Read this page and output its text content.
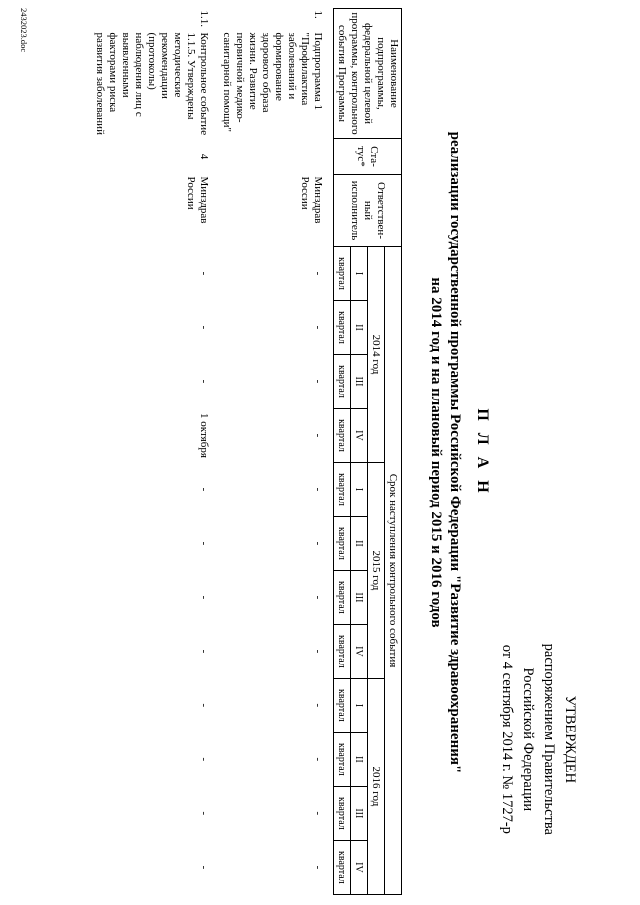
УТВЕРЖДЕН
распоряжением Правительства
Российской Федерации
от 4 сентября 2014 г. № 1727-р
П Л А Н
реализации государственной программы Российской Федерации "Развитие здравоохранения"
на 2014 год и на плановый период 2015 и 2016 годов
Наименование подпрограммы, федеральной целевой программы, контрольного события Программы		Ста-тус*	Ответствен-ный исполнитель	Срок наступления контрольного события											
				2014 год				2015 год				2016 год			
				I	II	III	IV	I	II	III	IV	I	II	III	IV
				квартал	квартал	квартал	квартал	квартал	квартал	квартал	квартал	квартал	квартал	квартал	квартал

1.	Подпрограмма 1 "Профилактика заболеваний и формирование здорового образа жизни. Развитие первичной медико-санитарной помощи"		Минздрав России	-	-	-	-	-	-	-	-	-	-	-	-

1.1.	Контрольное событие 1.1.5. Утверждены методические рекомендации (протоколы) наблюдения лиц с выявленными факторами риска развития заболеваний	4	Минздрав России	-	-	-	1 октября	-	-	-	-	-	-	-	-
2432023.doc
